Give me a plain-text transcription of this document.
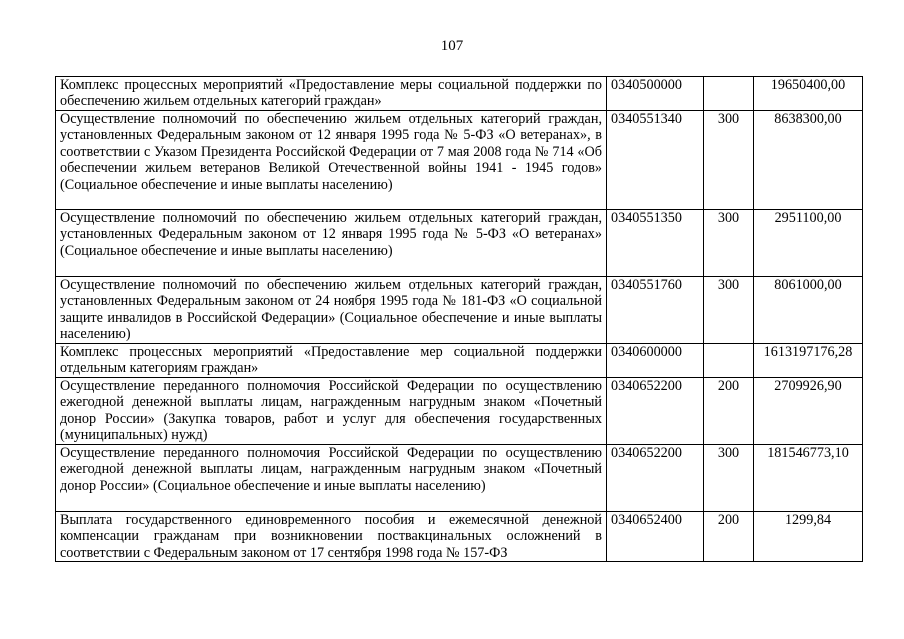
107
Комплекс процессных мероприятий «Предоставление меры социальной поддержки по обеспечению жильем отдельных категорий граждан»	0340500000		19650400,00
Осуществление полномочий по обеспечению жильем отдельных категорий граждан, установленных Федеральным законом от 12 января 1995 года № 5-ФЗ «О ветеранах», в соответствии с Указом Президента Российской Федерации от 7 мая 2008 года № 714 «Об обеспечении жильем ветеранов Великой Отечественной войны 1941 - 1945 годов» (Социальное обеспечение и иные выплаты населению)	0340551340	300	8638300,00
Осуществление полномочий по обеспечению жильем отдельных категорий граждан, установленных Федеральным законом от 12 января 1995 года № 5-ФЗ «О ветеранах» (Социальное обеспечение и иные выплаты населению)	0340551350	300	2951100,00
Осуществление полномочий по обеспечению жильем отдельных категорий граждан, установленных Федеральным законом от 24 ноября 1995 года № 181-ФЗ «О социальной защите инвалидов в Российской Федерации» (Социальное обеспечение и иные выплаты населению)	0340551760	300	8061000,00
Комплекс процессных мероприятий «Предоставление мер социальной поддержки отдельным категориям граждан»	0340600000		1613197176,28
Осуществление переданного полномочия Российской Федерации по осуществлению ежегодной денежной выплаты лицам, награжденным нагрудным знаком «Почетный донор России» (Закупка товаров, работ и услуг для обеспечения государственных (муниципальных) нужд)	0340652200	200	2709926,90
Осуществление переданного полномочия Российской Федерации по осуществлению ежегодной денежной выплаты лицам, награжденным нагрудным знаком «Почетный донор России» (Социальное обеспечение и иные выплаты населению)	0340652200	300	181546773,10
Выплата государственного единовременного пособия и ежемесячной денежной компенсации гражданам при возникновении поствакцинальных осложнений в соответствии с Федеральным законом от 17 сентября 1998 года № 157-ФЗ	0340652400	200	1299,84
